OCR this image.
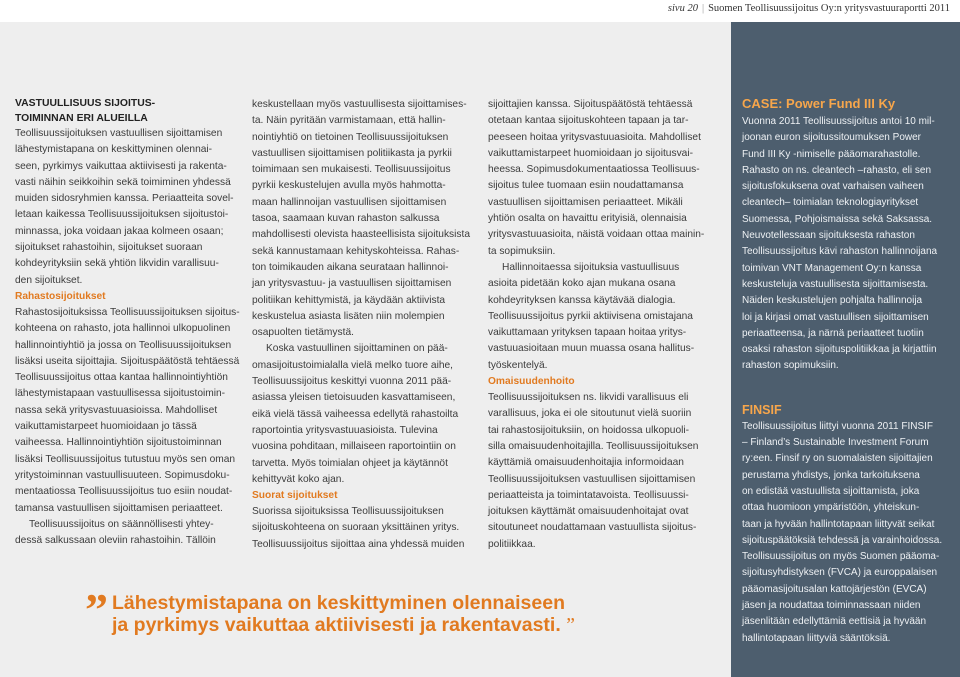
sivu 20 | Suomen Teollisuussijoitus Oy:n yritysvastuuraportti 2011

VASTUULLISUUS SIJOITUS-

TOIMINNAN ERI ALUEILLA

Teollisuussijoituksen vastuullisen sijoittamisen

lähestymistapana on keskittyminen olennai-

seen, pyrkimys vaikuttaa aktiivisesti ja rakenta-

vasti näihin seikkoihin sekä toimiminen yhdessä

muiden sidosryhmien kanssa. Periaatteita sovel-

letaan kaikessa Teollisuussijoituksen sijoitustoi-

minnassa, joka voidaan jakaa kolmeen osaan;

sijoitukset rahastoihin, sijoitukset suoraan

kohdeyrityksiin sekä yhtiön likvidin varallisuu-

den sijoitukset.

Rahastosijoitukset

Rahastosijoituksissa Teollisuussijoituksen sijoitus-

kohteena on rahasto, jota hallinnoi ulkopuolinen

hallinnointiyhtiö ja jossa on Teollisuussijoituksen

lisäksi useita sijoittajia. Sijoituspäätöstä tehtäessä

Teollisuussijoitus ottaa kantaa hallinnointiyhtiön

lähestymistapaan vastuullisessa sijoitustoimin-

nassa sekä yritysvastuuasioissa. Mahdolliset

vaikuttamistarpeet huomioidaan jo tässä

vaiheessa. Hallinnointiyhtiön sijoitustoiminnan

lisäksi Teollisuussijoitus tutustuu myös sen oman

yritystoiminnan vastuullisuuteen. Sopimusdoku-

mentaatiossa Teollisuussijoitus tuo esiin noudat-

tamansa vastuullisen sijoittamisen periaatteet.

Teollisuussijoitus on säännöllisesti yhtey-

dessä salkussaan oleviin rahastoihin. Tällöin

keskustellaan myös vastuullisesta sijoittamises-

ta. Näin pyritään varmistamaan, että hallin-

nointiyhtiö on tietoinen Teollisuussijoituksen

vastuullisen sijoittamisen politiikasta ja pyrkii

toimimaan sen mukaisesti. Teollisuussijoitus

pyrkii keskustelujen avulla myös hahmotta-

maan hallinnoijan vastuullisen sijoittamisen

tasoa, saamaan kuvan rahaston salkussa

mahdollisesti olevista haasteellisista sijoituksista

sekä kannustamaan kehityskohteissa. Rahas-

ton toimikauden aikana seurataan hallinnoi-

jan yritysvastuu- ja vastuullisen sijoittamisen

politiikan kehittymistä, ja käydään aktiivista

keskustelua asiasta lisäten niin molempien

osapuolten tietämystä.

Koska vastuullinen sijoittaminen on pää-

omasijoitustoimialalla vielä melko tuore aihe,

Teollisuussijoitus keskittyi vuonna 2011 pää-

asiassa yleisen tietoisuuden kasvattamiseen,

eikä vielä tässä vaiheessa edellytä rahastoilta

raportointia yritysvastuuasioista. Tulevina

vuosina pohditaan, millaiseen raportointiin on

tarvetta. Myös toimialan ohjeet ja käytännöt

kehittyvät koko ajan.

Suorat sijoitukset

Suorissa sijoituksissa Teollisuussijoituksen

sijoituskohteena on suoraan yksittäinen yritys.

Teollisuussijoitus sijoittaa aina yhdessä muiden

sijoittajien kanssa. Sijoituspäätöstä tehtäessä

otetaan kantaa sijoituskohteen tapaan ja tar-

peeseen hoitaa yritysvastuuasioita. Mahdolliset

vaikuttamistarpeet huomioidaan jo sijoitusvai-

heessa. Sopimusdokumentaatiossa Teollisuus-

sijoitus tulee tuomaan esiin noudattamansa

vastuullisen sijoittamisen periaatteet. Mikäli

yhtiön osalta on havaittu erityisiä, olennaisia

yritysvastuuasioita, näistä voidaan ottaa mainin-

ta sopimuksiin.

Hallinnoitaessa sijoituksia vastuullisuus

asioita pidetään koko ajan mukana osana

kohdeyrityksen kanssa käytävää dialogia.

Teollisuussijoitus pyrkii aktiivisena omistajana

vaikuttamaan yrityksen tapaan hoitaa yritys-

vastuuasioitaan muun muassa osana hallitus-

työskentelyä.

Omaisuudenhoito

Teollisuussijoituksen ns. likvidi varallisuus eli

varallisuus, joka ei ole sitoutunut vielä suoriin

tai rahastosijoituksiin, on hoidossa ulkopuoli-

silla omaisuudenhoitajilla. Teollisuussijoituksen

käyttämiä omaisuudenhoitajia informoidaan

Teollisuussijoituksen vastuullisen sijoittamisen

periaatteista ja toimintatavoista. Teollisuussi-

joituksen käyttämät omaisuudenhoitajat ovat

sitoutuneet noudattamaan vastuullista sijoitus-

politiikkaa.

CASE: Power Fund III Ky

Vuonna 2011 Teollisuussijoitus antoi 10 mil-

joonan euron sijoitussitoumuksen Power

Fund III Ky -nimiselle pääomarahastolle.

Rahasto on ns. cleantech –rahasto, eli sen

sijoitusfokuksena ovat varhaisen vaiheen

cleantech– toimialan teknologiayritykset

Suomessa, Pohjoismaissa sekä Saksassa.

Neuvotellessaan sijoituksesta rahaston

Teollisuussijoitus kävi rahaston hallinnoijana

toimivan VNT Management Oy:n kanssa

keskusteluja vastuullisesta sijoittamisesta.

Näiden keskustelujen pohjalta hallinnoija

loi ja kirjasi omat vastuullisen sijoittamisen

periaatteensa, ja närnä periaatteet tuotiin

osaksi rahaston sijoituspolitiikkaa ja kirjattiin

rahaston sopimuksiin.

FINSIF

Teollisuussijoitus liittyi vuonna 2011 FINSIF

– Finland’s Sustainable Investment Forum

ry:een. Finsif ry on suomalaisten sijoittajien

perustama yhdistys, jonka tarkoituksena

on edistää vastuullista sijoittamista, joka

ottaa huomioon ympäristöön, yhteiskun-

taan ja hyvään hallintotapaan liittyvät seikat

sijoituspäätöksiä tehdessä ja varainhoidossa.

Teollisuussijoitus on myös Suomen pääoma-

sijoitusyhdistyksen (FVCA) ja europpalaisen

pääomasijoitusalan kattojärjestön (EVCA)

jäsen ja noudattaa toiminnassaan niiden

jäsenlitään edellyttämiä eettisiä ja hyvään

hallintotapaan liittyviä sääntöksiä.

” Lähestymistapana on keskittyminen olennaiseen
ja pyrkimys vaikuttaa aktiivisesti ja rakentavasti. ”
